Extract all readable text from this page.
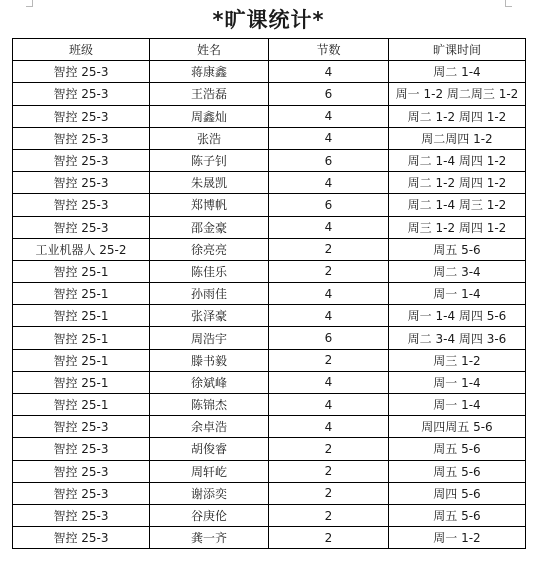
*旷课统计*
班级	姓名	节数	旷课时间
智控 25-3	蒋康鑫	4	周二 1-4
智控 25-3	王浩磊	6	周一 1-2 周二周三 1-2
智控 25-3	周鑫灿	4	周二 1-2 周四 1-2
智控 25-3	张浩	4	周二周四 1-2
智控 25-3	陈子钊	6	周二 1-4 周四 1-2
智控 25-3	朱晟凯	4	周二 1-2 周四 1-2
智控 25-3	郑博帆	6	周二 1-4 周三 1-2
智控 25-3	邵金豪	4	周三 1-2 周四 1-2
工业机器人 25-2	徐亮亮	2	周五 5-6
智控 25-1	陈佳乐	2	周二 3-4
智控 25-1	孙雨佳	4	周一 1-4
智控 25-1	张泽豪	4	周一 1-4 周四 5-6
智控 25-1	周浩宇	6	周二 3-4 周四 3-6
智控 25-1	滕书毅	2	周三 1-2
智控 25-1	徐斌峰	4	周一 1-4
智控 25-1	陈锦杰	4	周一 1-4
智控 25-3	余卓浩	4	周四周五 5-6
智控 25-3	胡俊睿	2	周五 5-6
智控 25-3	周轩屹	2	周五 5-6
智控 25-3	谢添奕	2	周四 5-6
智控 25-3	谷庚伦	2	周五 5-6
智控 25-3	龚一齐	2	周一 1-2
